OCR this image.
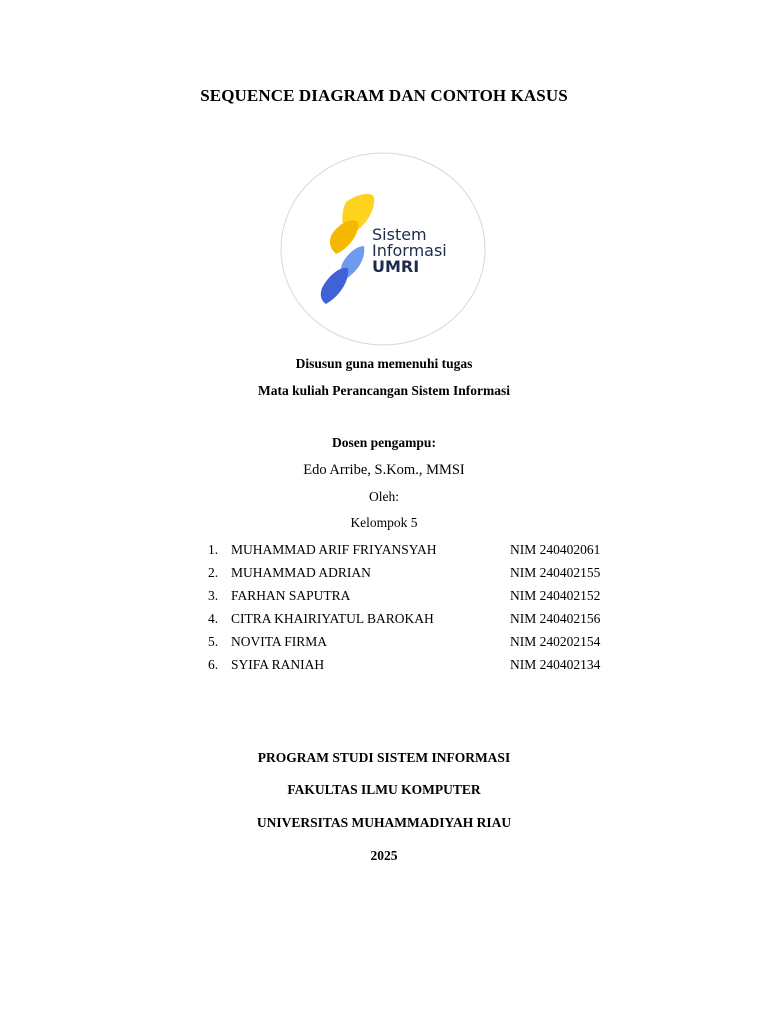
SEQUENCE DIAGRAM DAN CONTOH KASUS
Sistem
Informasi
UMRI
Disusun guna memenuhi tugas
Mata kuliah Perancangan Sistem Informasi
Dosen pengampu:
Edo Arribe, S.Kom., MMSI
Oleh:
Kelompok 5
1. MUHAMMAD ARIF FRIYANSYAH	NIM 240402061
2. MUHAMMAD ADRIAN	NIM 240402155
3. FARHAN SAPUTRA	NIM 240402152
4. CITRA KHAIRIYATUL BAROKAH	NIM 240402156
5. NOVITA FIRMA	NIM 240202154
6. SYIFA RANIAH	NIM 240402134
PROGRAM STUDI SISTEM INFORMASI
FAKULTAS ILMU KOMPUTER
UNIVERSITAS MUHAMMADIYAH RIAU
2025
